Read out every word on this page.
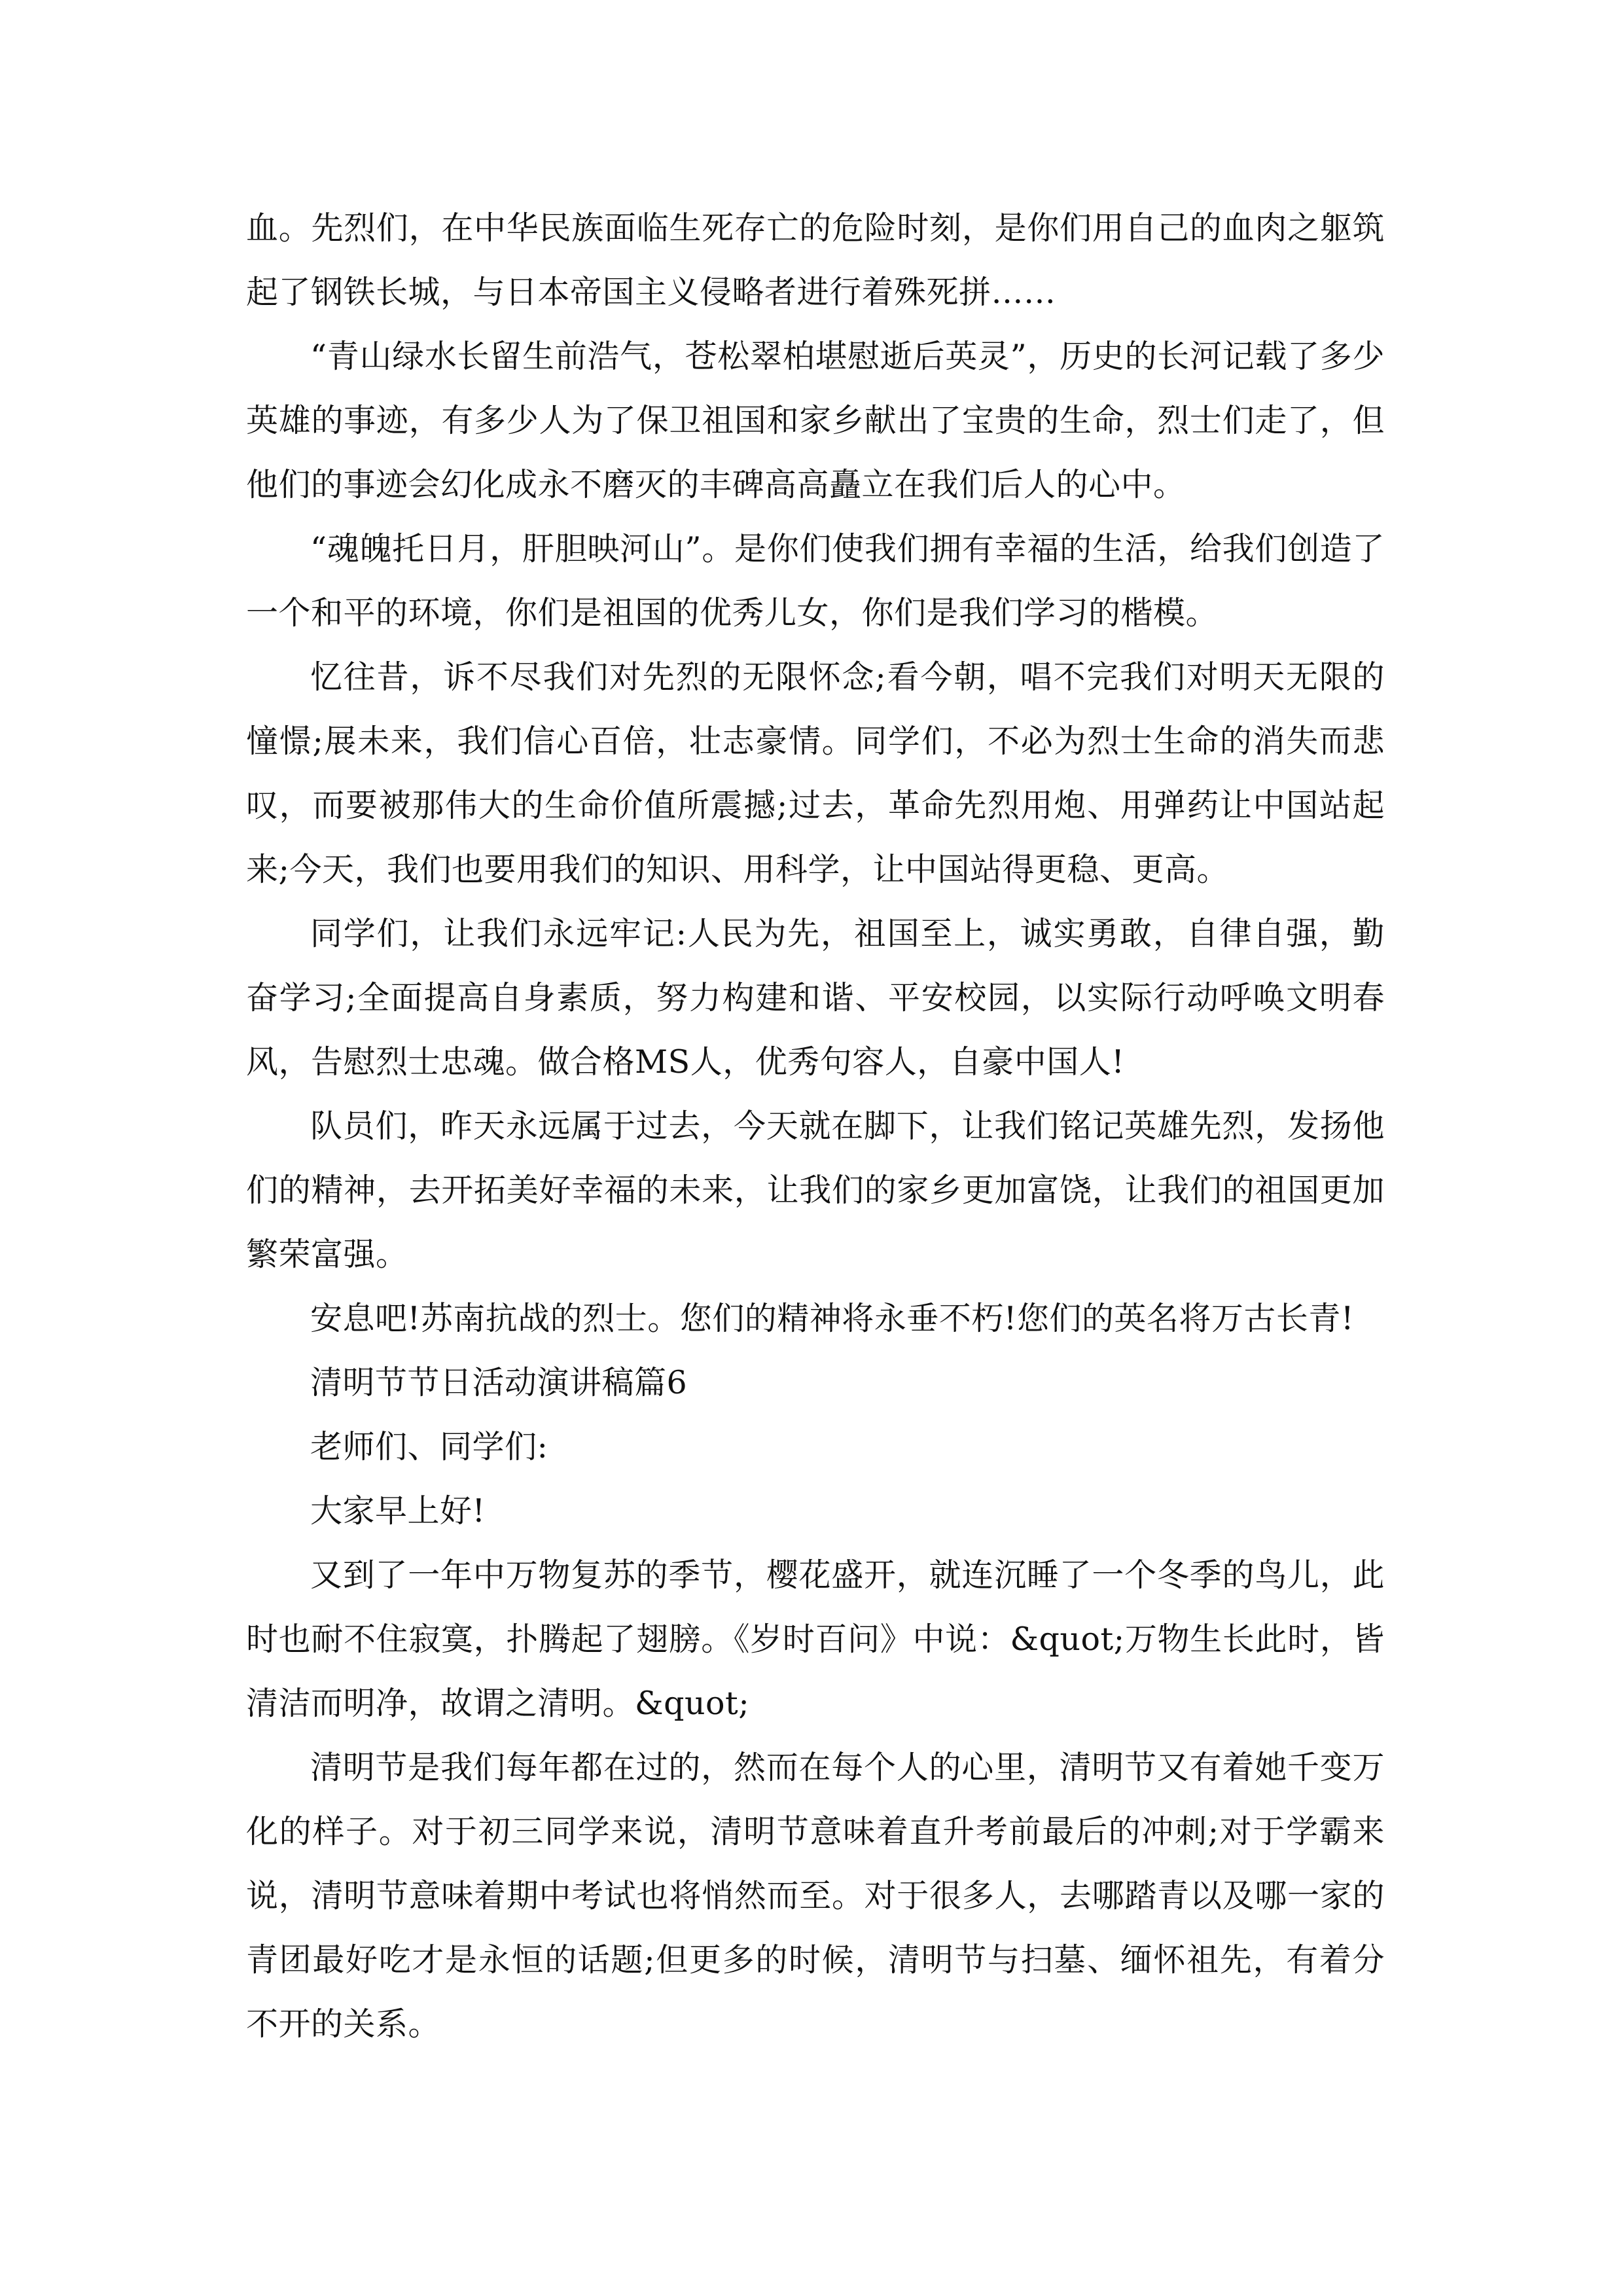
血。先烈们，在中华民族面临生死存亡的危险时刻，是你们用自己的血肉之躯筑起了钢铁长城，与日本帝国主义侵略者进行着殊死拼……

“青山绿水长留生前浩气，苍松翠柏堪慰逝后英灵”，历史的长河记载了多少英雄的事迹，有多少人为了保卫祖国和家乡献出了宝贵的生命，烈士们走了，但他们的事迹会幻化成永不磨灭的丰碑高高矗立在我们后人的心中。

“魂魄托日月，肝胆映河山”。是你们使我们拥有幸福的生活，给我们创造了一个和平的环境，你们是祖国的优秀儿女，你们是我们学习的楷模。

忆往昔，诉不尽我们对先烈的无限怀念;看今朝，唱不完我们对明天无限的憧憬;展未来，我们信心百倍，壮志豪情。同学们，不必为烈士生命的消失而悲叹，而要被那伟大的生命价值所震撼;过去，革命先烈用炮、用弹药让中国站起来;今天，我们也要用我们的知识、用科学，让中国站得更稳、更高。

同学们，让我们永远牢记:人民为先，祖国至上，诚实勇敢，自律自强，勤奋学习;全面提高自身素质，努力构建和谐、平安校园，以实际行动呼唤文明春风，告慰烈士忠魂。做合格MS人，优秀句容人，自豪中国人!

队员们，昨天永远属于过去，今天就在脚下，让我们铭记英雄先烈，发扬他们的精神，去开拓美好幸福的未来，让我们的家乡更加富饶，让我们的祖国更加繁荣富强。

安息吧!苏南抗战的烈士。您们的精神将永垂不朽!您们的英名将万古长青!

清明节节日活动演讲稿篇6

老师们、同学们:

大家早上好!

又到了一年中万物复苏的季节，樱花盛开，就连沉睡了一个冬季的鸟儿，此时也耐不住寂寞，扑腾起了翅膀。《岁时百问》中说：&quot;万物生长此时，皆清洁而明净，故谓之清明。&quot;

清明节是我们每年都在过的，然而在每个人的心里，清明节又有着她千变万化的样子。对于初三同学来说，清明节意味着直升考前最后的冲刺;对于学霸来说，清明节意味着期中考试也将悄然而至。对于很多人，去哪踏青以及哪一家的青团最好吃才是永恒的话题;但更多的时候，清明节与扫墓、缅怀祖先，有着分不开的关系。
